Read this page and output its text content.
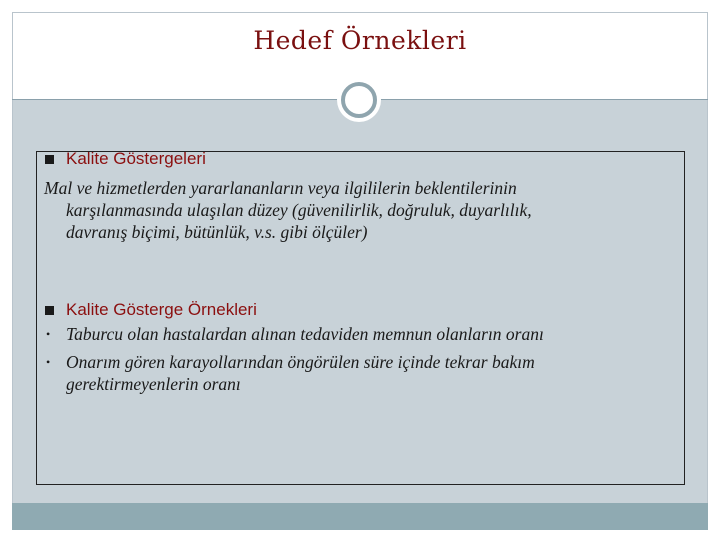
Hedef Örnekleri
Kalite Göstergeleri
Mal ve hizmetlerden yararlananların veya ilgililerin beklentilerinin
karşılanmasında ulaşılan düzey (güvenilirlik, doğruluk, duyarlılık,
davranış biçimi, bütünlük, v.s. gibi ölçüler)
Kalite Gösterge Örnekleri
• Taburcu olan hastalardan alınan tedaviden memnun olanların oranı
• Onarım gören karayollarından öngörülen süre içinde tekrar bakım
gerektirmeyenlerin oranı
